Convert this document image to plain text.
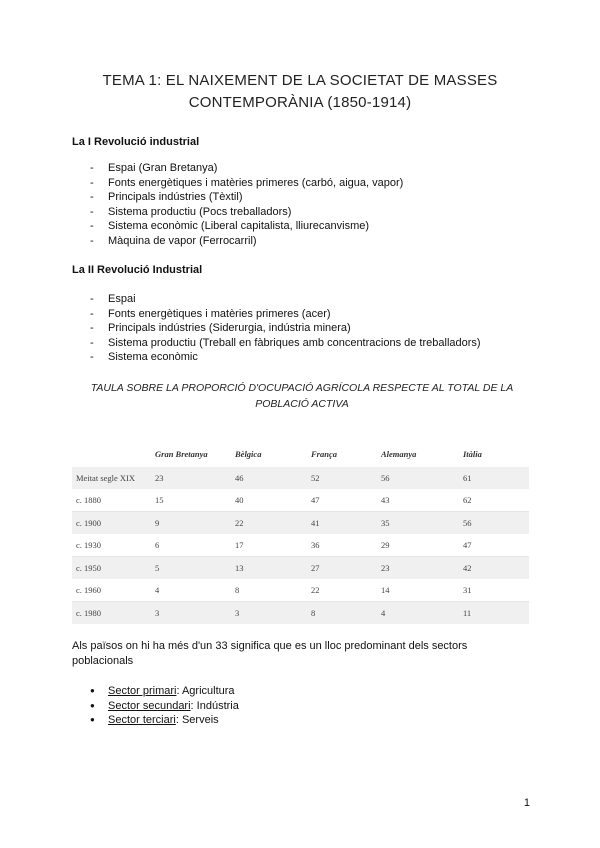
TEMA 1: EL NAIXEMENT DE LA SOCIETAT DE MASSES
CONTEMPORÀNIA (1850-1914)
La I Revolució industrial
- Espai (Gran Bretanya)
- Fonts energètiques i matèries primeres (carbó, aigua, vapor)
- Principals indústries (Tèxtil)
- Sistema productiu (Pocs treballadors)
- Sistema econòmic (Liberal capitalista, lliurecanvisme)
- Màquina de vapor (Ferrocarril)
La II Revolució Industrial
- Espai
- Fonts energètiques i matèries primeres (acer)
- Principals indústries (Siderurgia, indústria minera)
- Sistema productiu (Treball en fàbriques amb concentracions de treballadors)
- Sistema econòmic
TAULA SOBRE LA PROPORCIÓ D'OCUPACIÓ AGRÍCOLA RESPECTE AL TOTAL DE LA POBLACIÓ ACTIVA
	Gran Bretanya	Bèlgica	França	Alemanya	Itàlia
Meitat segle XIX	23	46	52	56	61
c. 1880	15	40	47	43	62
c. 1900	9	22	41	35	56
c. 1930	6	17	36	29	47
c. 1950	5	13	27	23	42
c. 1960	4	8	22	14	31
c. 1980	3	3	8	4	11
Als països on hi ha més d'un 33 significa que es un lloc predominant dels sectors poblacionals
● Sector primari: Agricultura
● Sector secundari: Indústria
● Sector terciari: Serveis
1
